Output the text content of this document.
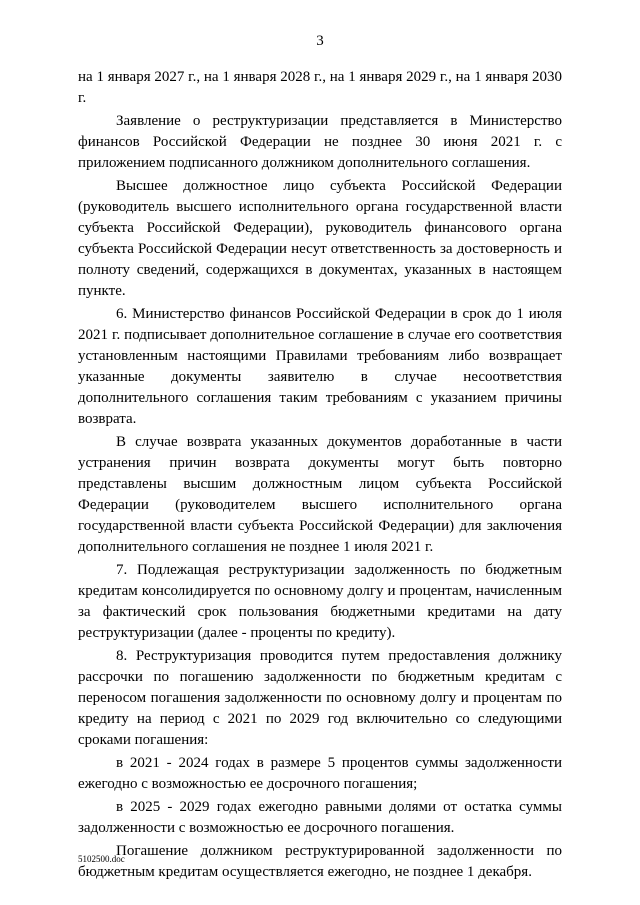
3

на 1 января 2027 г., на 1 января 2028 г., на 1 января 2029 г., на 1 января 2030 г.

Заявление о реструктуризации представляется в Министерство финансов Российской Федерации не позднее 30 июня 2021 г. с приложением подписанного должником дополнительного соглашения.

Высшее должностное лицо субъекта Российской Федерации (руководитель высшего исполнительного органа государственной власти субъекта Российской Федерации), руководитель финансового органа субъекта Российской Федерации несут ответственность за достоверность и полноту сведений, содержащихся в документах, указанных в настоящем пункте.

6. Министерство финансов Российской Федерации в срок до 1 июля 2021 г. подписывает дополнительное соглашение в случае его соответствия установленным настоящими Правилами требованиям либо возвращает указанные документы заявителю в случае несоответствия дополнительного соглашения таким требованиям с указанием причины возврата.

В случае возврата указанных документов доработанные в части устранения причин возврата документы могут быть повторно представлены высшим должностным лицом субъекта Российской Федерации (руководителем высшего исполнительного органа государственной власти субъекта Российской Федерации) для заключения дополнительного соглашения не позднее 1 июля 2021 г.

7. Подлежащая реструктуризации задолженность по бюджетным кредитам консолидируется по основному долгу и процентам, начисленным за фактический срок пользования бюджетными кредитами на дату реструктуризации (далее - проценты по кредиту).

8. Реструктуризация проводится путем предоставления должнику рассрочки по погашению задолженности по бюджетным кредитам с переносом погашения задолженности по основному долгу и процентам по кредиту на период с 2021 по 2029 год включительно со следующими сроками погашения:

в 2021 - 2024 годах в размере 5 процентов суммы задолженности ежегодно с возможностью ее досрочного погашения;

в 2025 - 2029 годах ежегодно равными долями от остатка суммы задолженности с возможностью ее досрочного погашения.

Погашение должником реструктурированной задолженности по бюджетным кредитам осуществляется ежегодно, не позднее 1 декабря.

5102500.doc
